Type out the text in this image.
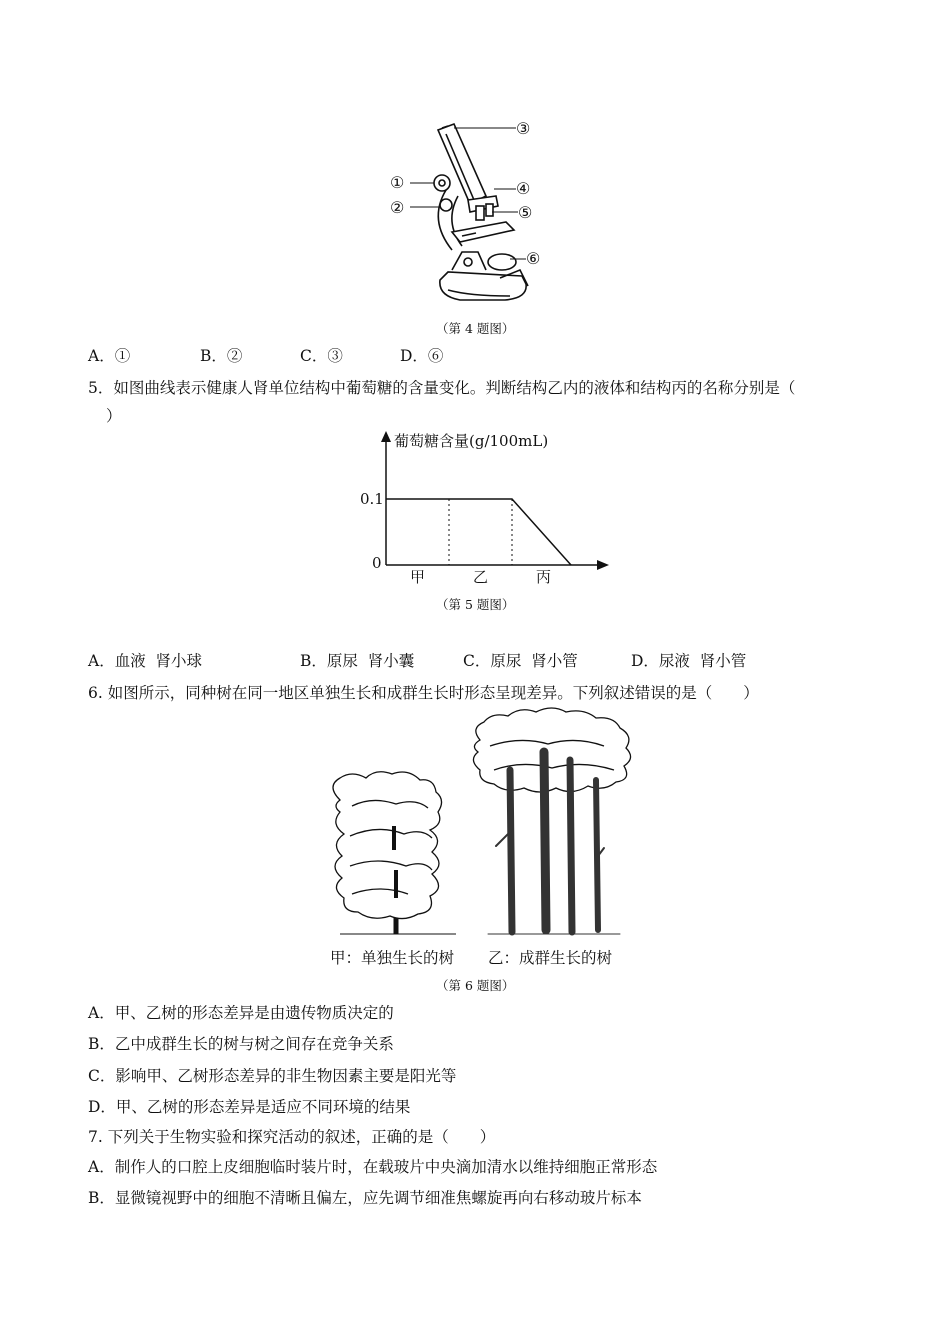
①
②
③
④
⑤
⑥
（第 4 题图）
A．①	B．②	C．③	D．⑥
5．如图曲线表示健康人肾单位结构中葡萄糖的含量变化。判断结构乙内的液体和结构丙的名称分别是（
）
葡萄糖含量(g/100mL)
0.1
0
甲	乙	丙
（第 5 题图）
A．血液  肾小球	B．原尿  肾小囊	C．原尿  肾小管	D．尿液  肾小管
6. 如图所示，同种树在同一地区单独生长和成群生长时形态呈现差异。下列叙述错误的是（　　）
甲：单独生长的树 乙：成群生长的树
（第 6 题图）
A．甲、乙树的形态差异是由遗传物质决定的
B．乙中成群生长的树与树之间存在竞争关系
C．影响甲、乙树形态差异的非生物因素主要是阳光等
D．甲、乙树的形态差异是适应不同环境的结果
7. 下列关于生物实验和探究活动的叙述，正确的是（　　）
A．制作人的口腔上皮细胞临时装片时，在载玻片中央滴加清水以维持细胞正常形态
B．显微镜视野中的细胞不清晰且偏左，应先调节细准焦螺旋再向右移动玻片标本
